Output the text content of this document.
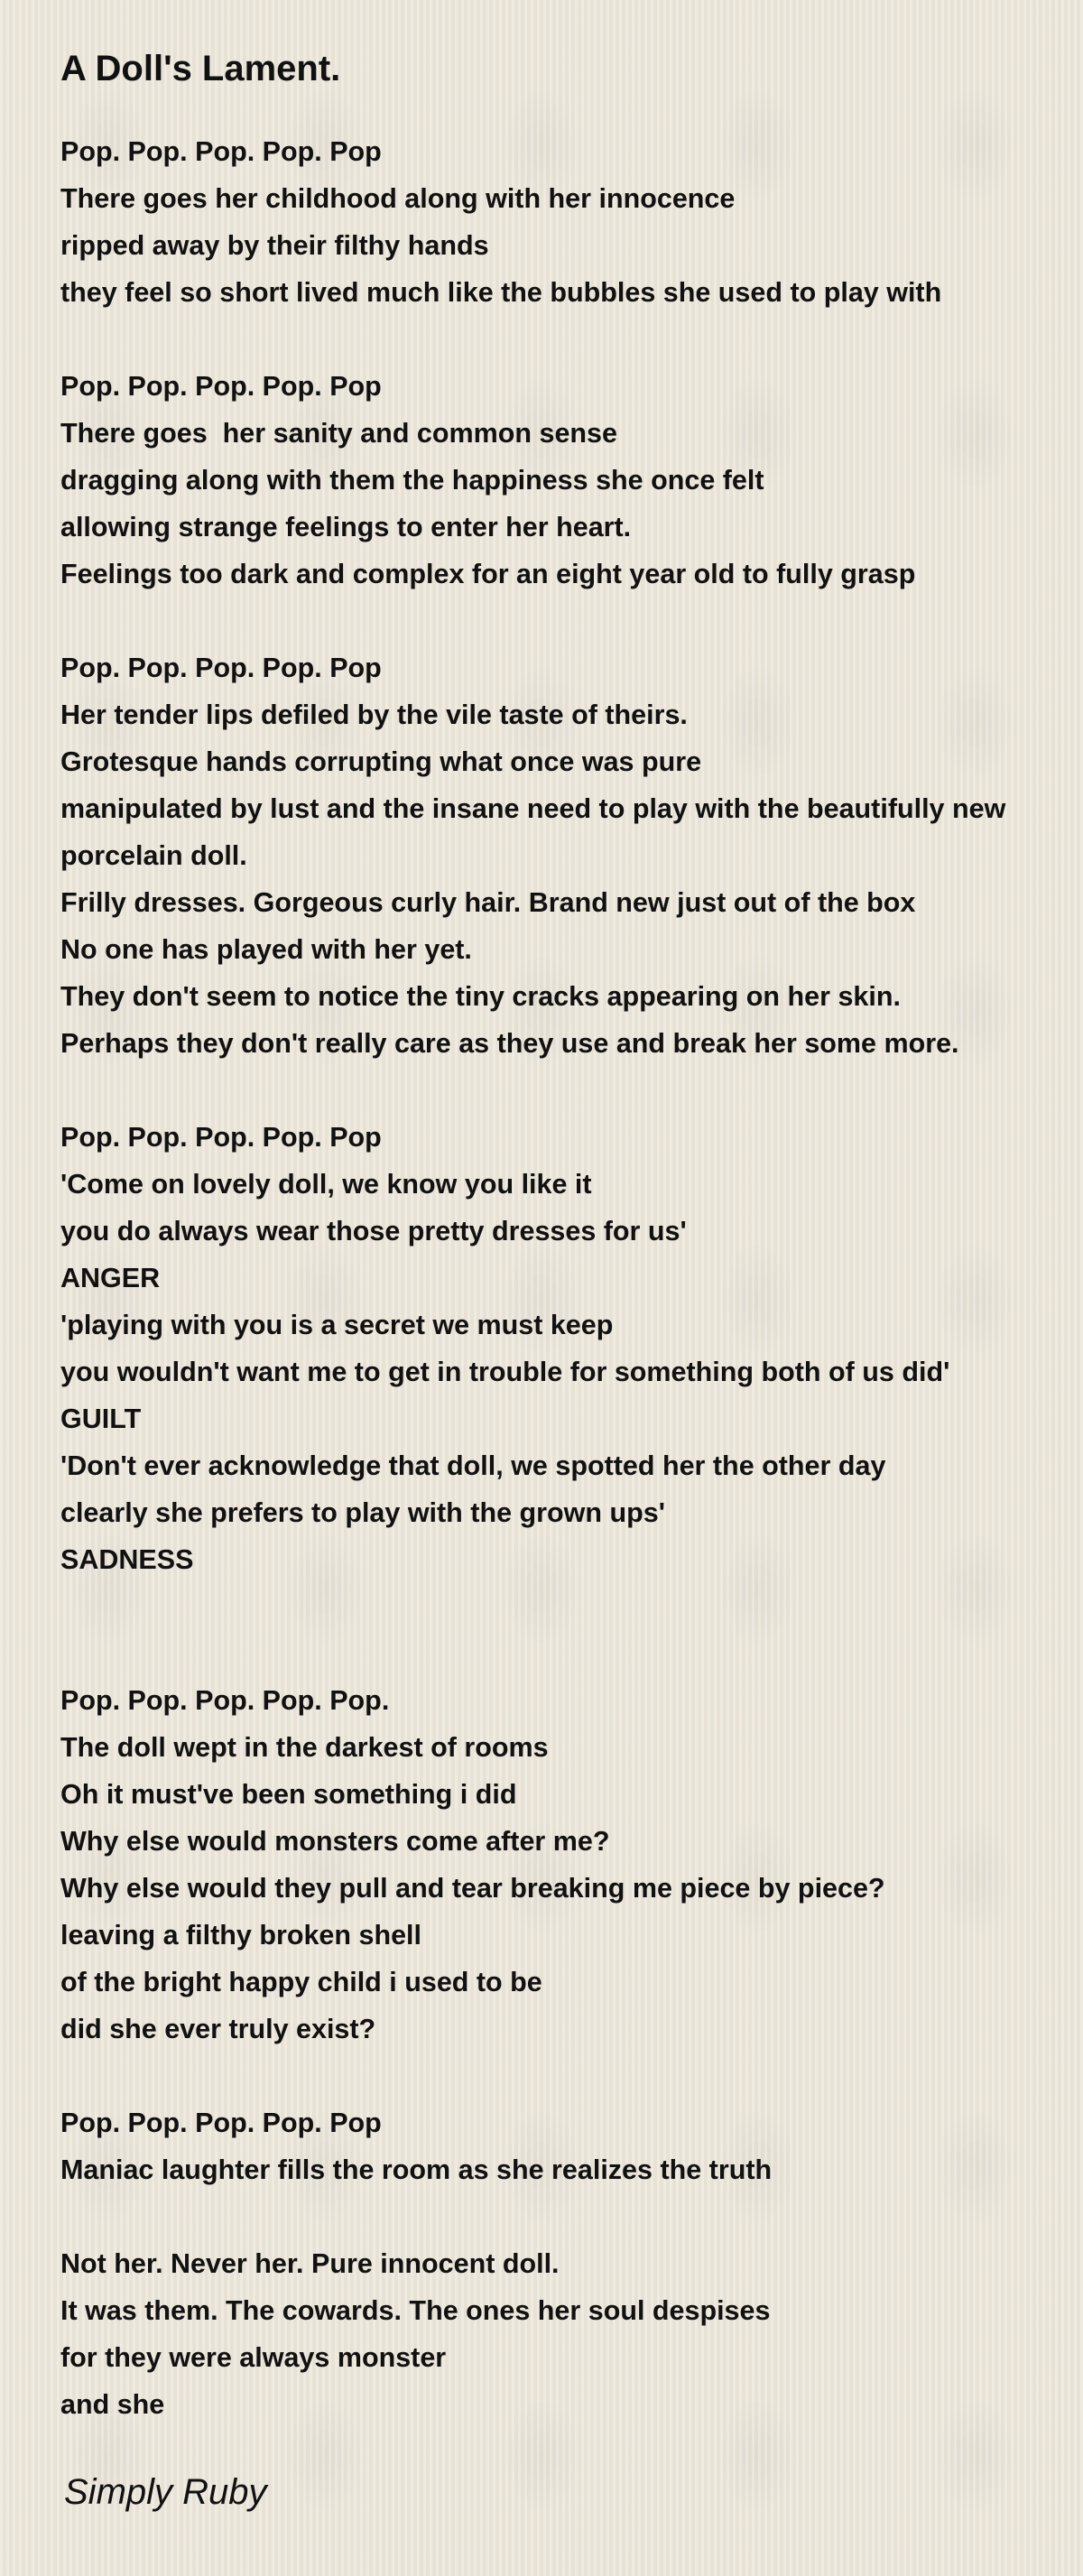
A Doll's Lament.
Pop. Pop. Pop. Pop. Pop
There goes her childhood along with her innocence
ripped away by their filthy hands
they feel so short lived much like the bubbles she used to play with
Pop. Pop. Pop. Pop. Pop
There goes  her sanity and common sense
dragging along with them the happiness she once felt
allowing strange feelings to enter her heart.
Feelings too dark and complex for an eight year old to fully grasp
Pop. Pop. Pop. Pop. Pop
Her tender lips defiled by the vile taste of theirs.
Grotesque hands corrupting what once was pure
manipulated by lust and the insane need to play with the beautifully new porcelain doll.
Frilly dresses. Gorgeous curly hair. Brand new just out of the box
No one has played with her yet.
They don't seem to notice the tiny cracks appearing on her skin.
Perhaps they don't really care as they use and break her some more.
Pop. Pop. Pop. Pop. Pop
'Come on lovely doll, we know you like it
you do always wear those pretty dresses for us'
ANGER
'playing with you is a secret we must keep
you wouldn't want me to get in trouble for something both of us did'
GUILT
'Don't ever acknowledge that doll, we spotted her the other day
clearly she prefers to play with the grown ups'
SADNESS
Pop. Pop. Pop. Pop. Pop.
The doll wept in the darkest of rooms
Oh it must've been something i did
Why else would monsters come after me?
Why else would they pull and tear breaking me piece by piece?
leaving a filthy broken shell
of the bright happy child i used to be
did she ever truly exist?
Pop. Pop. Pop. Pop. Pop
Maniac laughter fills the room as she realizes the truth
Not her. Never her. Pure innocent doll.
It was them. The cowards. The ones her soul despises
for they were always monster
and she
Simply Ruby
